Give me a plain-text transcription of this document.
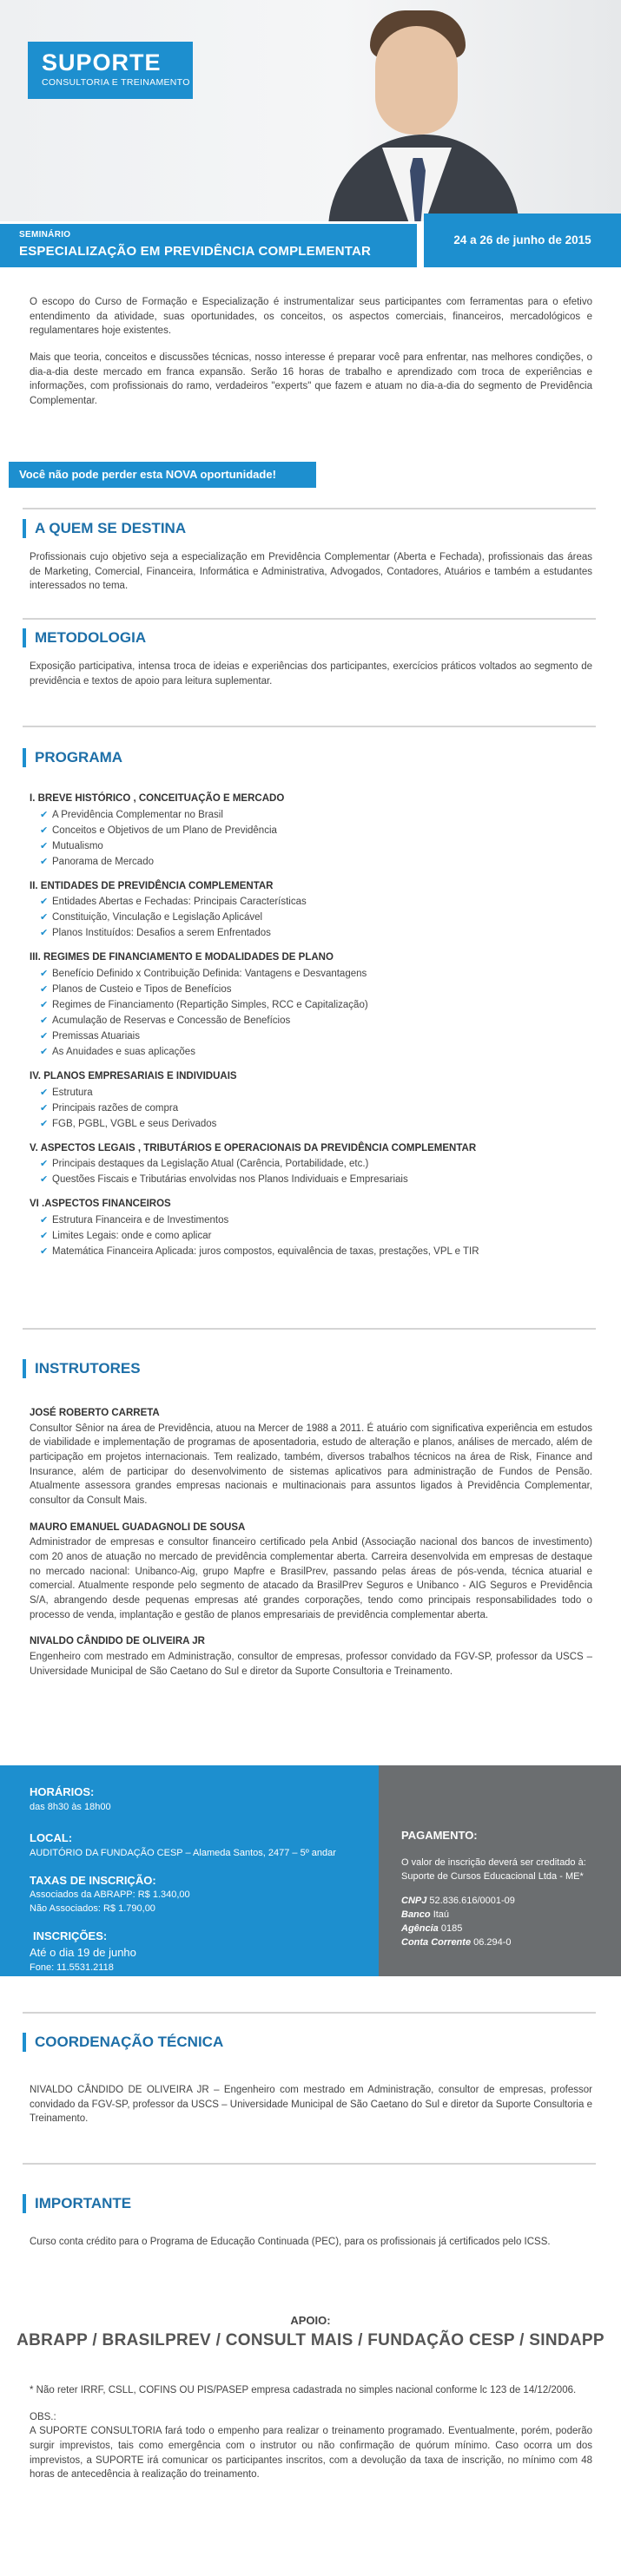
SUPORTE
CONSULTORIA E TREINAMENTO
SEMINÁRIO
ESPECIALIZAÇÃO EM PREVIDÊNCIA COMPLEMENTAR
24 a 26 de junho de 2015

O escopo do Curso de Formação e Especialização é instrumentalizar seus participantes com ferramentas para o efetivo entendimento da atividade, suas oportunidades, os conceitos, os aspectos comerciais, financeiros, mercadológicos e regulamentares hoje existentes.

Mais que teoria, conceitos e discussões técnicas, nosso interesse é preparar você para enfrentar, nas melhores condições, o dia-a-dia deste mercado em franca expansão. Serão 16 horas de trabalho e aprendizado com troca de experiências e informações, com profissionais do ramo, verdadeiros "experts" que fazem e atuam no dia-a-dia do segmento de Previdência Complementar.

Você não pode perder esta NOVA oportunidade!
A QUEM SE DESTINA
Profissionais cujo objetivo seja a especialização em Previdência Complementar (Aberta e Fechada), profissionais das áreas de Marketing, Comercial, Financeira, Informática e Administrativa, Advogados, Contadores, Atuários e também a estudantes interessados no tema.
METODOLOGIA
Exposição participativa, intensa troca de ideias e experiências dos participantes, exercícios práticos voltados ao segmento de previdência e textos de apoio para leitura suplementar.
PROGRAMA
I. BREVE HISTÓRICO , CONCEITUAÇÃO E MERCADO
✔ A Previdência Complementar no Brasil
✔ Conceitos e Objetivos de um Plano de Previdência
✔ Mutualismo
✔ Panorama de Mercado
II. ENTIDADES DE PREVIDÊNCIA COMPLEMENTAR
✔ Entidades Abertas e Fechadas: Principais Características
✔ Constituição, Vinculação e Legislação Aplicável
✔ Planos Instituídos: Desafios a serem Enfrentados
III. REGIMES DE FINANCIAMENTO E MODALIDADES DE PLANO
✔ Benefício Definido x Contribuição Definida: Vantagens e Desvantagens
✔ Planos de Custeio e Tipos de Benefícios
✔ Regimes de Financiamento (Repartição Simples, RCC e Capitalização)
✔ Acumulação de Reservas e Concessão de Benefícios
✔ Premissas Atuariais
✔ As Anuidades e suas aplicações
IV. PLANOS EMPRESARIAIS E INDIVIDUAIS
✔ Estrutura
✔ Principais razões de compra
✔ FGB, PGBL, VGBL e seus Derivados
V. ASPECTOS LEGAIS , TRIBUTÁRIOS E OPERACIONAIS DA PREVIDÊNCIA COMPLEMENTAR
✔ Principais destaques da Legislação Atual (Carência, Portabilidade, etc.)
✔ Questões Fiscais e Tributárias envolvidas nos Planos Individuais e Empresariais
VI .ASPECTOS FINANCEIROS
✔ Estrutura Financeira e de Investimentos
✔ Limites Legais: onde e como aplicar
✔ Matemática Financeira Aplicada: juros compostos, equivalência de taxas, prestações, VPL e TIR
INSTRUTORES
JOSÉ ROBERTO CARRETA
Consultor Sênior na área de Previdência, atuou na Mercer de 1988 a 2011. É atuário com significativa experiência em estudos de viabilidade e implementação de programas de aposentadoria, estudo de alteração e planos, análises de mercado, além de participação em projetos internacionais. Tem realizado, também, diversos trabalhos técnicos na área de Risk, Finance and Insurance, além de participar do desenvolvimento de sistemas aplicativos para administração de Fundos de Pensão. Atualmente assessora grandes empresas nacionais e multinacionais para assuntos ligados à Previdência Complementar, consultor da Consult Mais.
MAURO EMANUEL GUADAGNOLI DE SOUSA
Administrador de empresas e consultor financeiro certificado pela Anbid (Associação nacional dos bancos de investimento) com 20 anos de atuação no mercado de previdência complementar aberta. Carreira desenvolvida em empresas de destaque no mercado nacional: Unibanco-Aig, grupo Mapfre e BrasilPrev, passando pelas áreas de pós-venda, técnica atuarial e comercial. Atualmente responde pelo segmento de atacado da BrasilPrev Seguros e Unibanco - AIG Seguros e Previdência S/A, abrangendo desde pequenas empresas até grandes corporações, tendo como principais responsabilidades todo o processo de venda, implantação e gestão de planos empresariais de previdência complementar aberta.
NIVALDO CÂNDIDO DE OLIVEIRA JR
Engenheiro com mestrado em Administração, consultor de empresas, professor convidado da FGV-SP, professor da USCS – Universidade Municipal de São Caetano do Sul e diretor da Suporte Consultoria e Treinamento.
HORÁRIOS:
das 8h30 às 18h00
LOCAL:
AUDITÓRIO DA FUNDAÇÃO CESP – Alameda Santos, 2477 – 5º andar
TAXAS DE INSCRIÇÃO:
Associados da ABRAPP: R$ 1.340,00
Não Associados: R$ 1.790,00
INSCRIÇÕES:
Até o dia 19 de junho
Fone: 11.5531.2118
E-mail: treinamento@suporteconsult.com.br
PAGAMENTO:
O valor de inscrição deverá ser creditado à: Suporte de Cursos Educacional Ltda - ME*
CNPJ 52.836.616/0001-09
Banco Itaú
Agência 0185
Conta Corrente 06.294-0
COORDENAÇÃO TÉCNICA
NIVALDO CÂNDIDO DE OLIVEIRA JR – Engenheiro com mestrado em Administração, consultor de empresas, professor convidado da FGV-SP, professor da USCS – Universidade Municipal de São Caetano do Sul e diretor da Suporte Consultoria e Treinamento.
IMPORTANTE
Curso conta crédito para o Programa de Educação Continuada (PEC), para os profissionais já certificados pelo ICSS.
APOIO:
ABRAPP / BRASILPREV / CONSULT MAIS / FUNDAÇÃO CESP / SINDAPP

* Não reter IRRF, CSLL, COFINS OU PIS/PASEP empresa cadastrada no simples nacional conforme lc 123 de 14/12/2006.

OBS.:

A SUPORTE CONSULTORIA fará todo o empenho para realizar o treinamento programado. Eventualmente, porém, poderão surgir imprevistos, tais como emergência com o instrutor ou não confirmação de quórum mínimo. Caso ocorra um dos imprevistos, a SUPORTE irá comunicar os participantes inscritos, com a devolução da taxa de inscrição, no mínimo com 48 horas de antecedência à realização do treinamento.
